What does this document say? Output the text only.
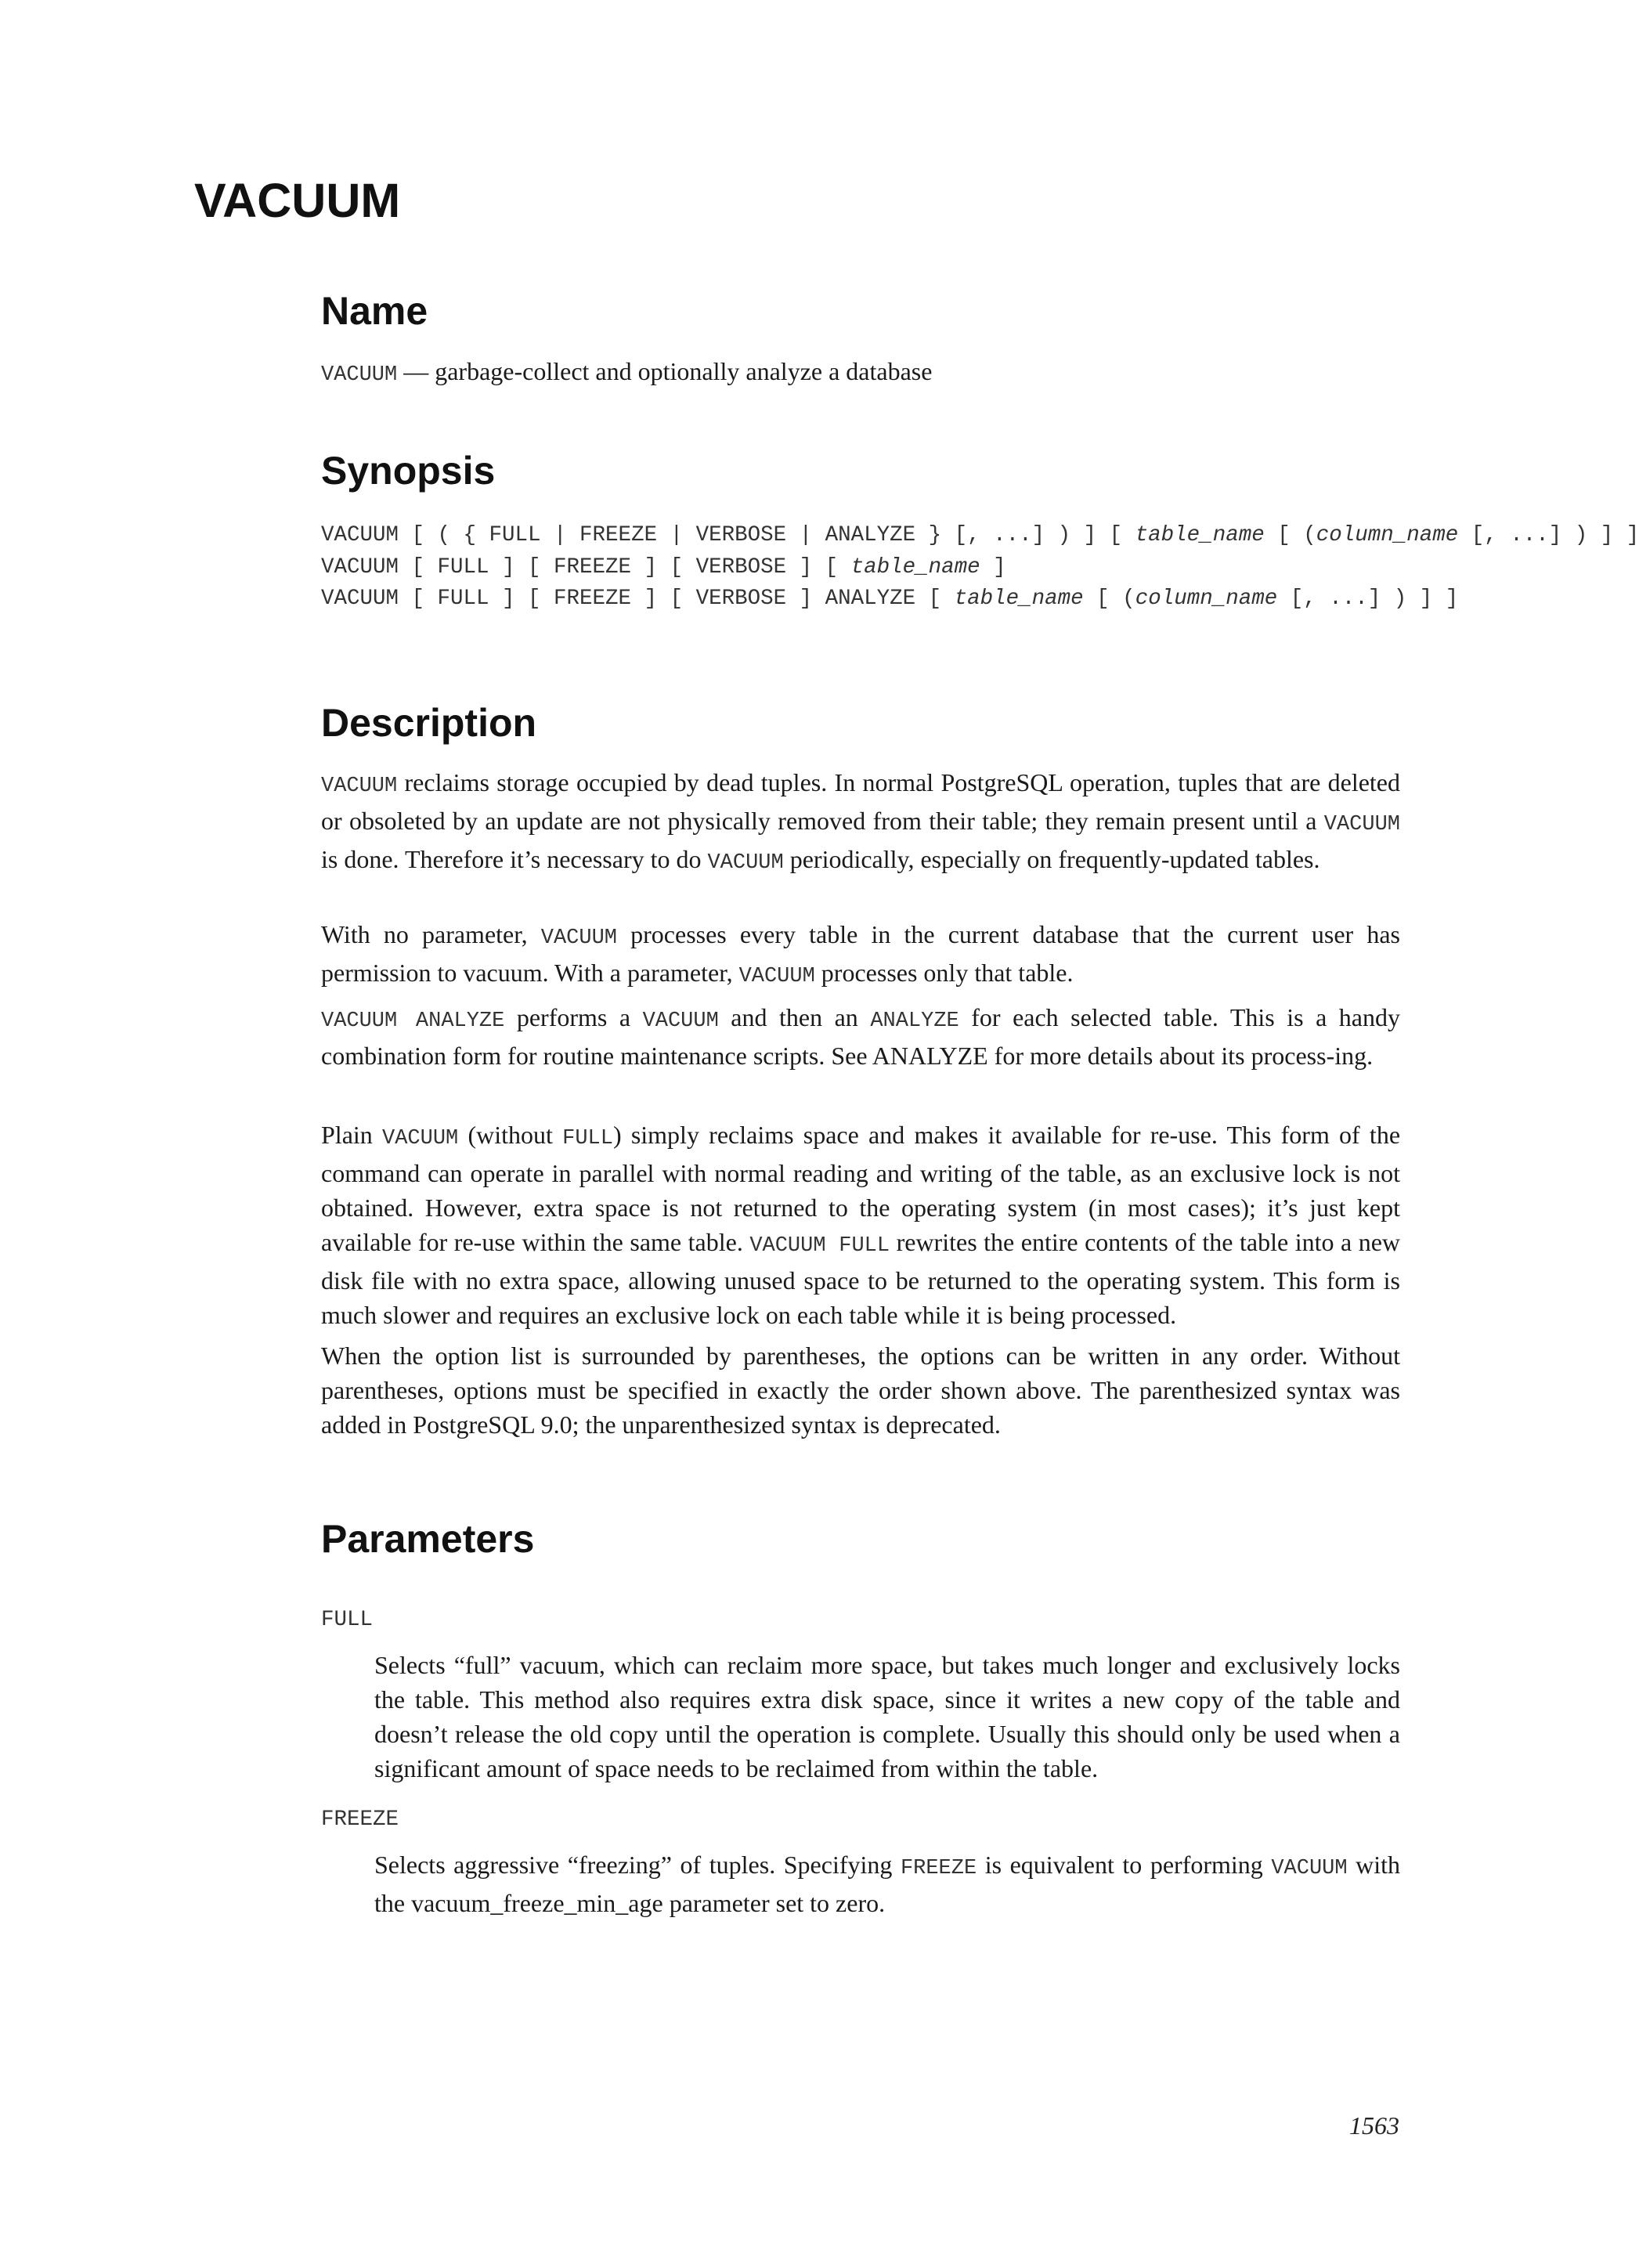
VACUUM
Name

VACUUM — garbage-collect and optionally analyze a database

Synopsis
VACUUM [ ( { FULL | FREEZE | VERBOSE | ANALYZE } [, ...] ) ] [ table_name [ (column_name [, ...] ) ] ]
VACUUM [ FULL ] [ FREEZE ] [ VERBOSE ] [ table_name ]
VACUUM [ FULL ] [ FREEZE ] [ VERBOSE ] ANALYZE [ table_name [ (column_name [, ...] ) ] ]
Description

VACUUM reclaims storage occupied by dead tuples. In normal PostgreSQL operation, tuples that are deleted or obsoleted by an update are not physically removed from their table; they remain present until a VACUUM is done. Therefore it’s necessary to do VACUUM periodically, especially on frequently-updated tables.

With no parameter, VACUUM processes every table in the current database that the current user has permission to vacuum. With a parameter, VACUUM processes only that table.

VACUUM ANALYZE performs a VACUUM and then an ANALYZE for each selected table. This is a handy combination form for routine maintenance scripts. See ANALYZE for more details about its process-ing.

Plain VACUUM (without FULL) simply reclaims space and makes it available for re-use. This form of the command can operate in parallel with normal reading and writing of the table, as an exclusive lock is not obtained. However, extra space is not returned to the operating system (in most cases); it’s just kept available for re-use within the same table. VACUUM FULL rewrites the entire contents of the table into a new disk file with no extra space, allowing unused space to be returned to the operating system. This form is much slower and requires an exclusive lock on each table while it is being processed.

When the option list is surrounded by parentheses, the options can be written in any order. Without parentheses, options must be specified in exactly the order shown above. The parenthesized syntax was added in PostgreSQL 9.0; the unparenthesized syntax is deprecated.

Parameters
FULL

Selects “full” vacuum, which can reclaim more space, but takes much longer and exclusively locks the table. This method also requires extra disk space, since it writes a new copy of the table and doesn’t release the old copy until the operation is complete. Usually this should only be used when a significant amount of space needs to be reclaimed from within the table.

FREEZE

Selects aggressive “freezing” of tuples. Specifying FREEZE is equivalent to performing VACUUM with the vacuum_freeze_min_age parameter set to zero.

1563
